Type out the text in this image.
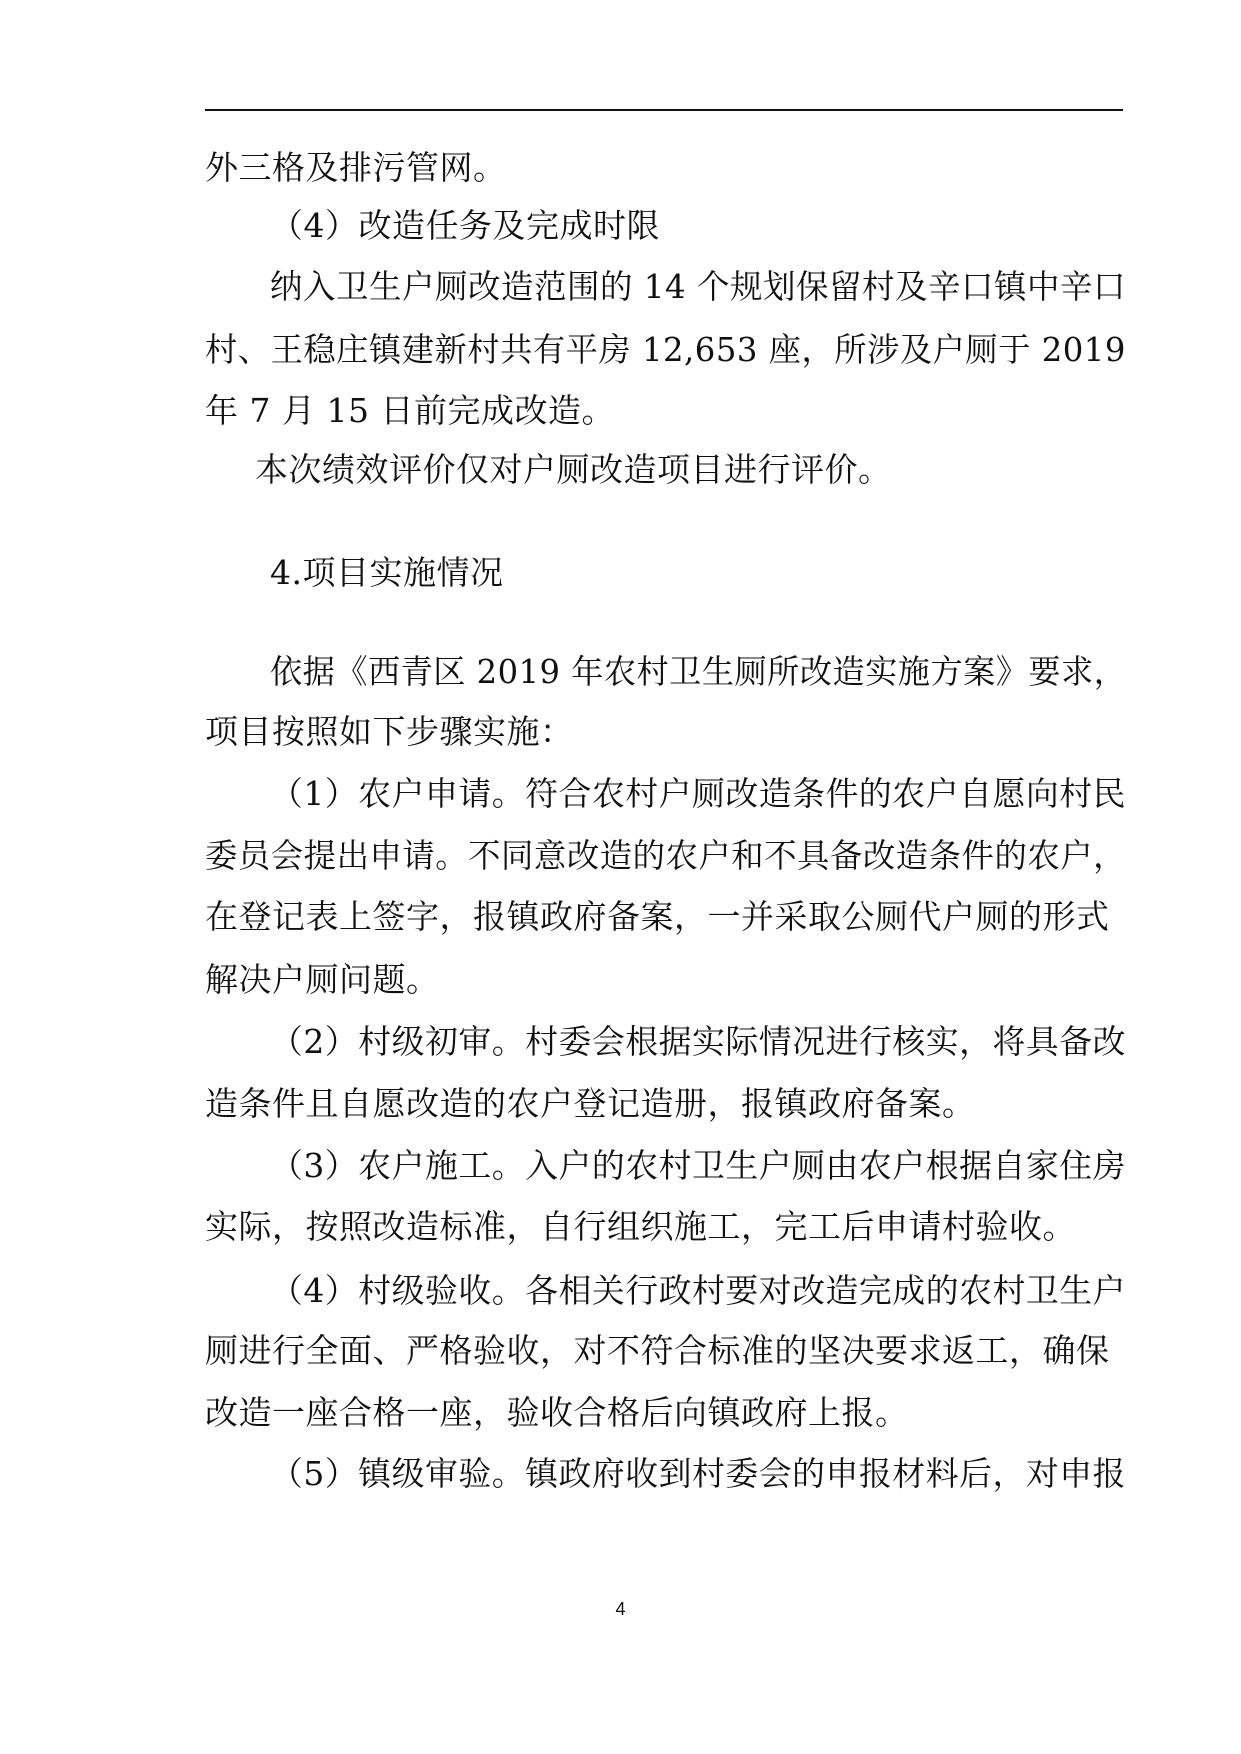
外三格及排污管网。

（4）改造任务及完成时限

纳入卫生户厕改造范围的 14 个规划保留村及辛口镇中辛口

村、王稳庄镇建新村共有平房 12,653 座，所涉及户厕于 2019

年 7 月 15 日前完成改造。

本次绩效评价仅对户厕改造项目进行评价。

4.项目实施情况

依据《西青区 2019 年农村卫生厕所改造实施方案》要求，

项目按照如下步骤实施：

（1）农户申请。符合农村户厕改造条件的农户自愿向村民

委员会提出申请。不同意改造的农户和不具备改造条件的农户，

在登记表上签字，报镇政府备案，一并采取公厕代户厕的形式

解决户厕问题。

（2）村级初审。村委会根据实际情况进行核实，将具备改

造条件且自愿改造的农户登记造册，报镇政府备案。

（3）农户施工。入户的农村卫生户厕由农户根据自家住房

实际，按照改造标准，自行组织施工，完工后申请村验收。

（4）村级验收。各相关行政村要对改造完成的农村卫生户

厕进行全面、严格验收，对不符合标准的坚决要求返工，确保

改造一座合格一座，验收合格后向镇政府上报。

（5）镇级审验。镇政府收到村委会的申报材料后，对申报

4
